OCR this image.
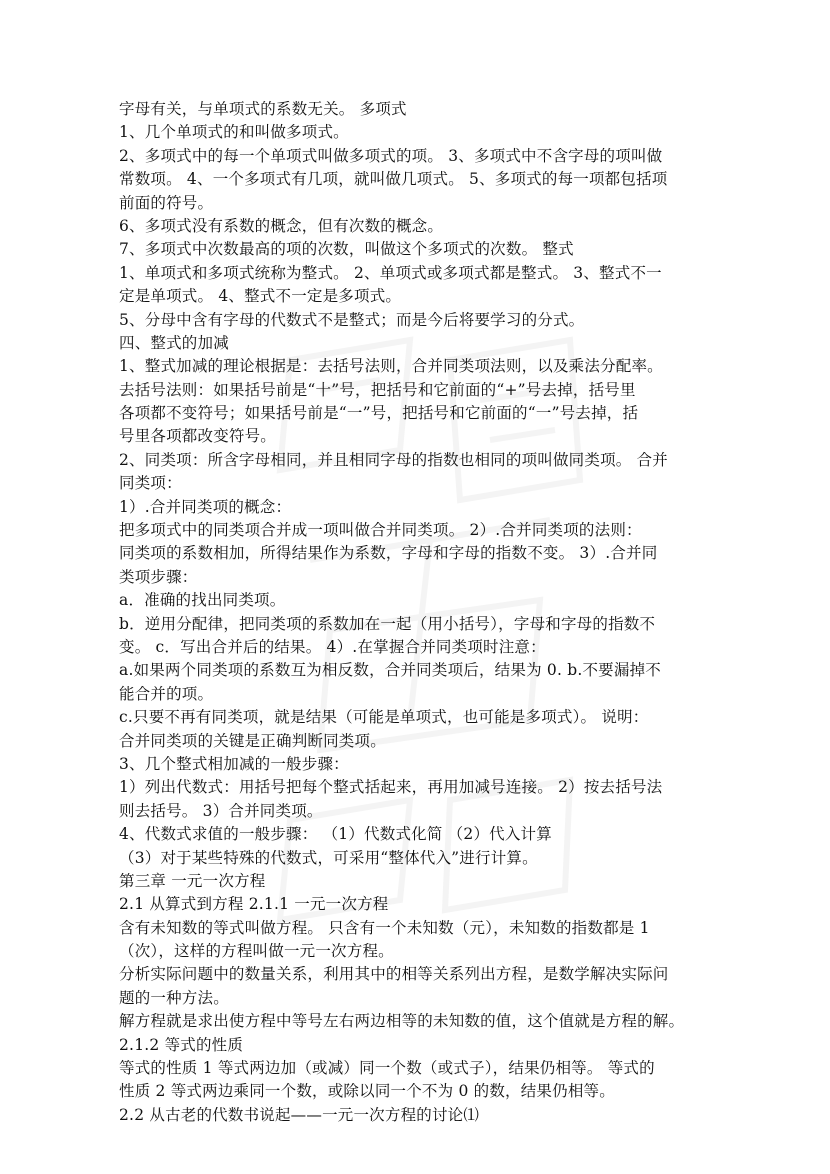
字母有关，与单项式的系数无关。 多项式
1、几个单项式的和叫做多项式。
2、多项式中的每一个单项式叫做多项式的项。 3、多项式中不含字母的项叫做
常数项。 4、一个多项式有几项，就叫做几项式。 5、多项式的每一项都包括项
前面的符号。
6、多项式没有系数的概念，但有次数的概念。
7、多项式中次数最高的项的次数，叫做这个多项式的次数。 整式
1、单项式和多项式统称为整式。 2、单项式或多项式都是整式。 3、整式不一
定是单项式。 4、整式不一定是多项式。
5、分母中含有字母的代数式不是整式；而是今后将要学习的分式。
四、整式的加减
1、整式加减的理论根据是：去括号法则，合并同类项法则，以及乘法分配率。
去括号法则：如果括号前是“十”号，把括号和它前面的“+”号去掉，括号里
各项都不变符号；如果括号前是“一”号，把括号和它前面的“一”号去掉，括
号里各项都改变符号。
2、同类项：所含字母相同，并且相同字母的指数也相同的项叫做同类项。 合并
同类项：
1）.合并同类项的概念：
把多项式中的同类项合并成一项叫做合并同类项。 2）.合并同类项的法则：
同类项的系数相加，所得结果作为系数，字母和字母的指数不变。 3）.合并同
类项步骤：
a．准确的找出同类项。
b．逆用分配律，把同类项的系数加在一起（用小括号），字母和字母的指数不
变。 c．写出合并后的结果。 4）.在掌握合并同类项时注意：
a.如果两个同类项的系数互为相反数，合并同类项后，结果为 0. b.不要漏掉不
能合并的项。
c.只要不再有同类项，就是结果（可能是单项式，也可能是多项式）。 说明：
合并同类项的关键是正确判断同类项。
3、几个整式相加减的一般步骤：
1）列出代数式：用括号把每个整式括起来，再用加减号连接。 2）按去括号法
则去括号。 3）合并同类项。
4、代数式求值的一般步骤： （1）代数式化简 （2）代入计算
（3）对于某些特殊的代数式，可采用“整体代入”进行计算。
第三章 一元一次方程
2.1 从算式到方程 2.1.1 一元一次方程
含有未知数的等式叫做方程。 只含有一个未知数（元），未知数的指数都是 1
（次），这样的方程叫做一元一次方程。
分析实际问题中的数量关系，利用其中的相等关系列出方程，是数学解决实际问
题的一种方法。
解方程就是求出使方程中等号左右两边相等的未知数的值，这个值就是方程的解。
2.1.2 等式的性质
等式的性质 1 等式两边加（或减）同一个数（或式子），结果仍相等。 等式的
性质 2 等式两边乘同一个数，或除以同一个不为 0 的数，结果仍相等。
2.2 从古老的代数书说起——一元一次方程的讨论⑴
